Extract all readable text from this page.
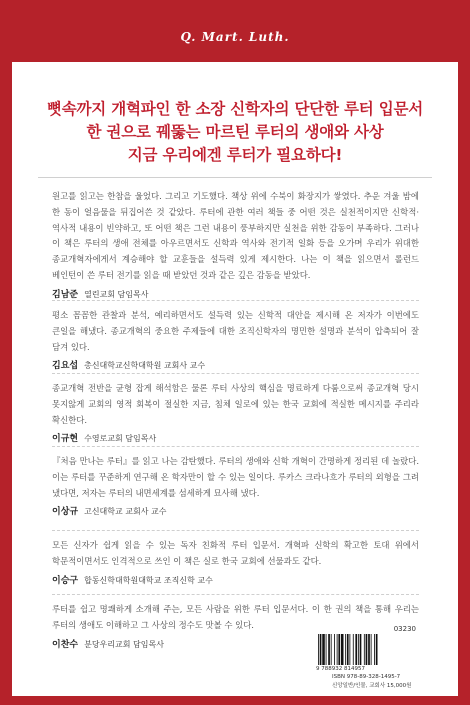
Q. Mart. Luth.
뼛속까지 개혁파인 한 소장 신학자의 단단한 루터 입문서
한 권으로 꿰뚫는 마르틴 루터의 생애와 사상
지금 우리에겐 루터가 필요하다!

원고를 읽고는 한참을 울었다. 그리고 기도했다. 책상 위에 수북이 화장지가 쌓였다. 추운 겨울 밤에 한 동이 얼음물을 뒤집어쓴 것 같았다. 루터에 관한 여러 책들 중 어떤 것은 실천적이지만 신학적·역사적 내용이 빈약하고, 또 어떤 책은 그런 내용이 풍부하지만 실천을 위한 감동이 부족하다. 그러나 이 책은 루터의 생애 전체를 아우르면서도 신학과 역사와 전기적 일화 등을 오가며 우리가 위대한 종교개혁자에게서 계승해야 할 교훈들을 설득력 있게 제시한다. 나는 이 책을 읽으면서 롤런드 베인턴이 쓴 루터 전기를 읽을 때 받았던 것과 같은 깊은 감동을 받았다.

김남준 열린교회 담임목사

평소 꼼꼼한 관찰과 분석, 예리하면서도 설득력 있는 신학적 대안을 제시해 온 저자가 이번에도 큰일을 해냈다. 종교개혁의 중요한 주제들에 대한 조직신학자의 명민한 설명과 분석이 압축되어 잘 담겨 있다.

김요섭 총신대학교신학대학원 교회사 교수

종교개혁 전반을 균형 잡게 해석함은 물론 루터 사상의 핵심을 명료하게 다룸으로써 종교개혁 당시 못지않게 교회의 영적 회복이 절실한 지금, 침체 일로에 있는 한국 교회에 적실한 메시지를 주리라 확신한다.

이규현 수영로교회 담임목사

『처음 만나는 루터』를 읽고 나는 감탄했다. 루터의 생애와 신학 개혁이 간명하게 정리된 데 놀랐다. 이는 루터를 꾸준하게 연구해 온 학자만이 할 수 있는 일이다. 루카스 크라나흐가 루터의 외형을 그려 냈다면, 저자는 루터의 내면세계를 섬세하게 묘사해 냈다.

이상규 고신대학교 교회사 교수

모든 신자가 쉽게 읽을 수 있는 독자 친화적 루터 입문서. 개혁파 신학의 확고한 토대 위에서 학문적이면서도 인격적으로 쓰인 이 책은 실로 한국 교회에 선물과도 같다.

이승구 합동신학대학원대학교 조직신학 교수

루터를 쉽고 명쾌하게 소개해 주는, 모든 사람을 위한 루터 입문서다. 이 한 권의 책을 통해 우리는 루터의 생애도 이해하고 그 사상의 정수도 맛볼 수 있다.

이찬수 분당우리교회 담임목사
03230
9 788932 814957
ISBN 978-89-328-1495-7
신앙일반/인물, 교회사 15,000원
